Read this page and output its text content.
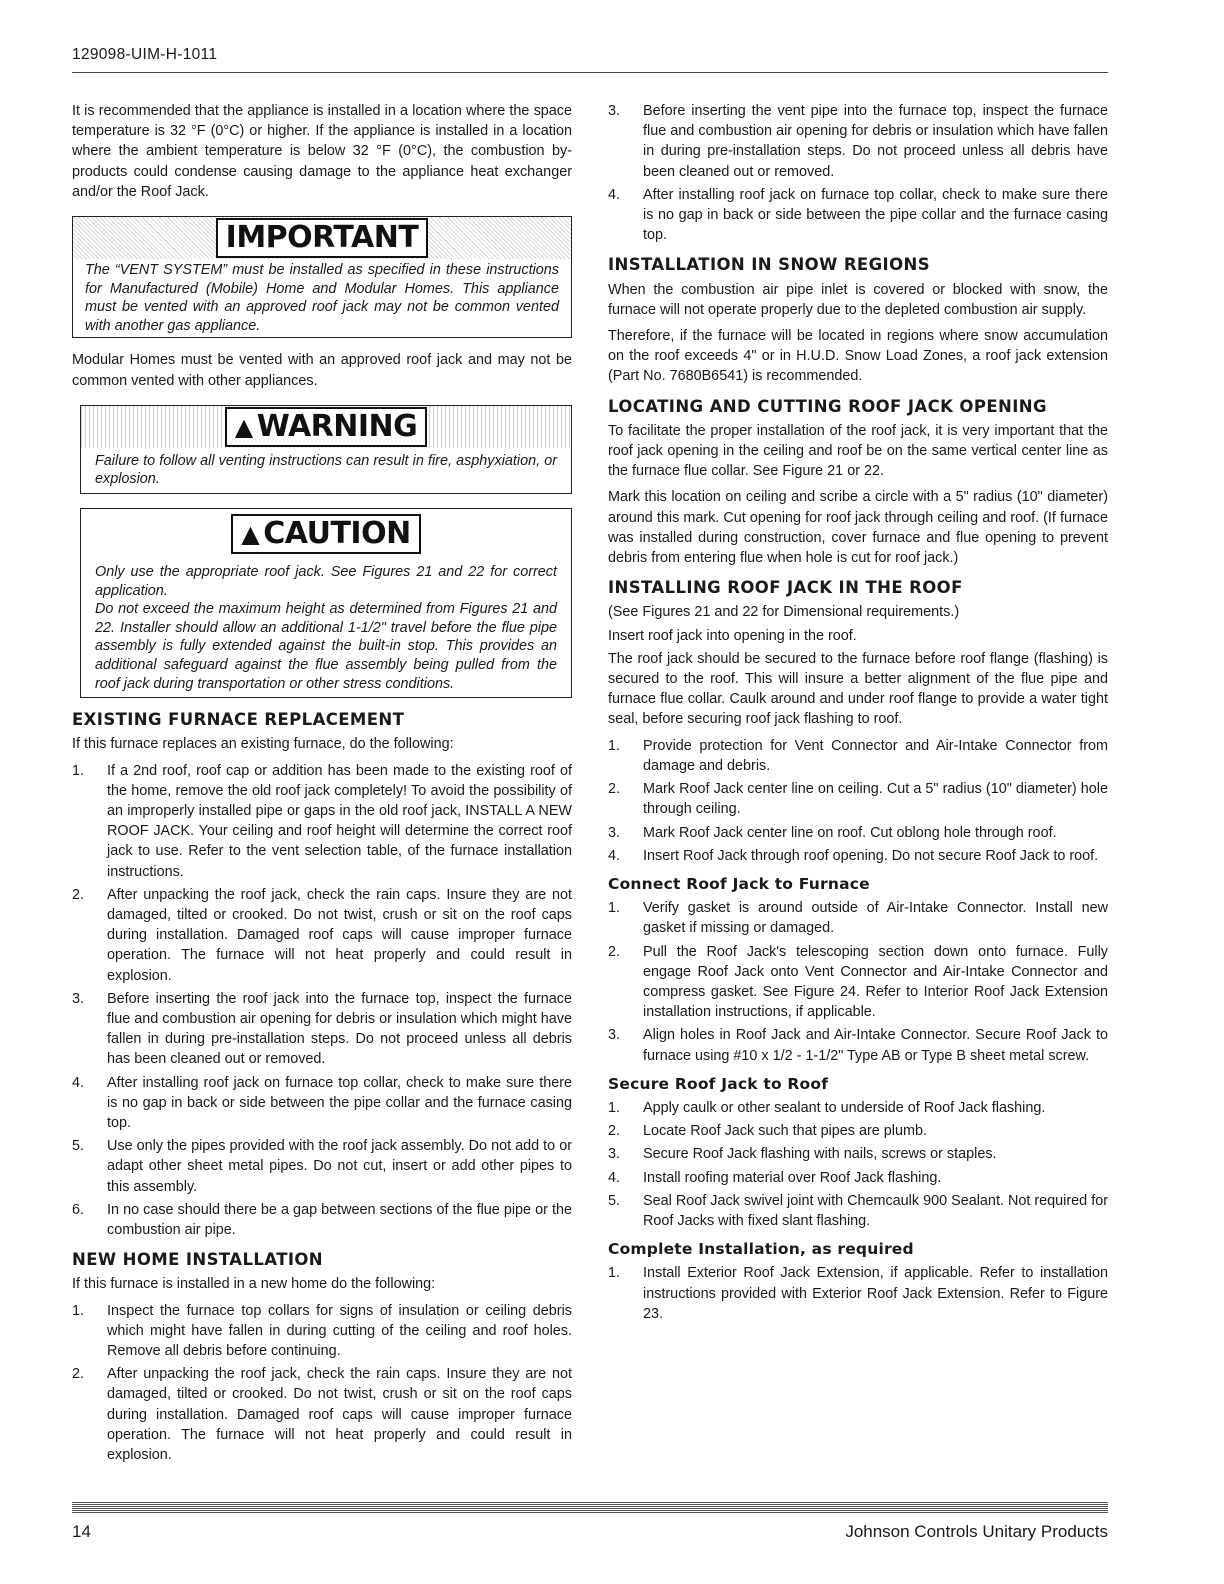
129098-UIM-H-1011

It is recommended that the appliance is installed in a location where the space temperature is 32 °F (0°C) or higher. If the appliance is installed in a location where the ambient temperature is below 32 °F (0°C), the combustion by-products could condense causing damage to the appliance heat exchanger and/or the Roof Jack.

IMPORTANT

The “VENT SYSTEM” must be installed as specified in these instructions for Manufactured (Mobile) Home and Modular Homes. This appliance must be vented with an approved roof jack may not be common vented with another gas appliance.

Modular Homes must be vented with an approved roof jack and may not be common vented with other appliances.

▲ WARNING

Failure to follow all venting instructions can result in fire, asphyxiation, or explosion.

▲ CAUTION

Only use the appropriate roof jack. See Figures 21 and 22 for correct application.

Do not exceed the maximum height as determined from Figures 21 and 22. Installer should allow an additional 1-1/2" travel before the flue pipe assembly is fully extended against the built-in stop. This provides an additional safeguard against the flue assembly being pulled from the roof jack during transportation or other stress conditions.

EXISTING FURNACE REPLACEMENT

If this furnace replaces an existing furnace, do the following:

1.	If a 2nd roof, roof cap or addition has been made to the existing roof of the home, remove the old roof jack completely! To avoid the possibility of an improperly installed pipe or gaps in the old roof jack, INSTALL A NEW ROOF JACK. Your ceiling and roof height will determine the correct roof jack to use. Refer to the vent selection table, of the furnace installation instructions.
2.	After unpacking the roof jack, check the rain caps. Insure they are not damaged, tilted or crooked. Do not twist, crush or sit on the roof caps during installation. Damaged roof caps will cause improper furnace operation. The furnace will not heat properly and could result in explosion.
3.	Before inserting the roof jack into the furnace top, inspect the furnace flue and combustion air opening for debris or insulation which might have fallen in during pre-installation steps. Do not proceed unless all debris has been cleaned out or removed.
4.	After installing roof jack on furnace top collar, check to make sure there is no gap in back or side between the pipe collar and the furnace casing top.
5.	Use only the pipes provided with the roof jack assembly. Do not add to or adapt other sheet metal pipes. Do not cut, insert or add other pipes to this assembly.
6.	In no case should there be a gap between sections of the flue pipe or the combustion air pipe.
NEW HOME INSTALLATION

If this furnace is installed in a new home do the following:

1.	Inspect the furnace top collars for signs of insulation or ceiling debris which might have fallen in during cutting of the ceiling and roof holes. Remove all debris before continuing.
2.	After unpacking the roof jack, check the rain caps. Insure they are not damaged, tilted or crooked. Do not twist, crush or sit on the roof caps during installation. Damaged roof caps will cause improper furnace operation. The furnace will not heat properly and could result in explosion.
3.	Before inserting the vent pipe into the furnace top, inspect the furnace flue and combustion air opening for debris or insulation which have fallen in during pre-installation steps. Do not proceed unless all debris have been cleaned out or removed.
4.	After installing roof jack on furnace top collar, check to make sure there is no gap in back or side between the pipe collar and the furnace casing top.
INSTALLATION IN SNOW REGIONS

When the combustion air pipe inlet is covered or blocked with snow, the furnace will not operate properly due to the depleted combustion air supply.

Therefore, if the furnace will be located in regions where snow accumulation on the roof exceeds 4" or in H.U.D. Snow Load Zones, a roof jack extension (Part No. 7680B6541) is recommended.

LOCATING AND CUTTING ROOF JACK OPENING

To facilitate the proper installation of the roof jack, it is very important that the roof jack opening in the ceiling and roof be on the same vertical center line as the furnace flue collar. See Figure 21 or 22.

Mark this location on ceiling and scribe a circle with a 5" radius (10" diameter) around this mark. Cut opening for roof jack through ceiling and roof. (If furnace was installed during construction, cover furnace and flue opening to prevent debris from entering flue when hole is cut for roof jack.)

INSTALLING ROOF JACK IN THE ROOF

(See Figures 21 and 22 for Dimensional requirements.)

Insert roof jack into opening in the roof.

The roof jack should be secured to the furnace before roof flange (flashing) is secured to the roof. This will insure a better alignment of the flue pipe and furnace flue collar. Caulk around and under roof flange to provide a water tight seal, before securing roof jack flashing to roof.

1.	Provide protection for Vent Connector and Air-Intake Connector from damage and debris.
2.	Mark Roof Jack center line on ceiling. Cut a 5" radius (10" diameter) hole through ceiling.
3.	Mark Roof Jack center line on roof. Cut oblong hole through roof.
4.	Insert Roof Jack through roof opening. Do not secure Roof Jack to roof.
Connect Roof Jack to Furnace
1.	Verify gasket is around outside of Air-Intake Connector. Install new gasket if missing or damaged.
2.	Pull the Roof Jack's telescoping section down onto furnace. Fully engage Roof Jack onto Vent Connector and Air-Intake Connector and compress gasket. See Figure 24. Refer to Interior Roof Jack Extension installation instructions, if applicable.
3.	Align holes in Roof Jack and Air-Intake Connector. Secure Roof Jack to furnace using #10 x 1/2 - 1-1/2" Type AB or Type B sheet metal screw.
Secure Roof Jack to Roof
1.	Apply caulk or other sealant to underside of Roof Jack flashing.
2.	Locate Roof Jack such that pipes are plumb.
3.	Secure Roof Jack flashing with nails, screws or staples.
4.	Install roofing material over Roof Jack flashing.
5.	Seal Roof Jack swivel joint with Chemcaulk 900 Sealant. Not required for Roof Jacks with fixed slant flashing.
Complete Installation, as required
1.	Install Exterior Roof Jack Extension, if applicable. Refer to installation instructions provided with Exterior Roof Jack Extension. Refer to Figure 23.
14	Johnson Controls Unitary Products
